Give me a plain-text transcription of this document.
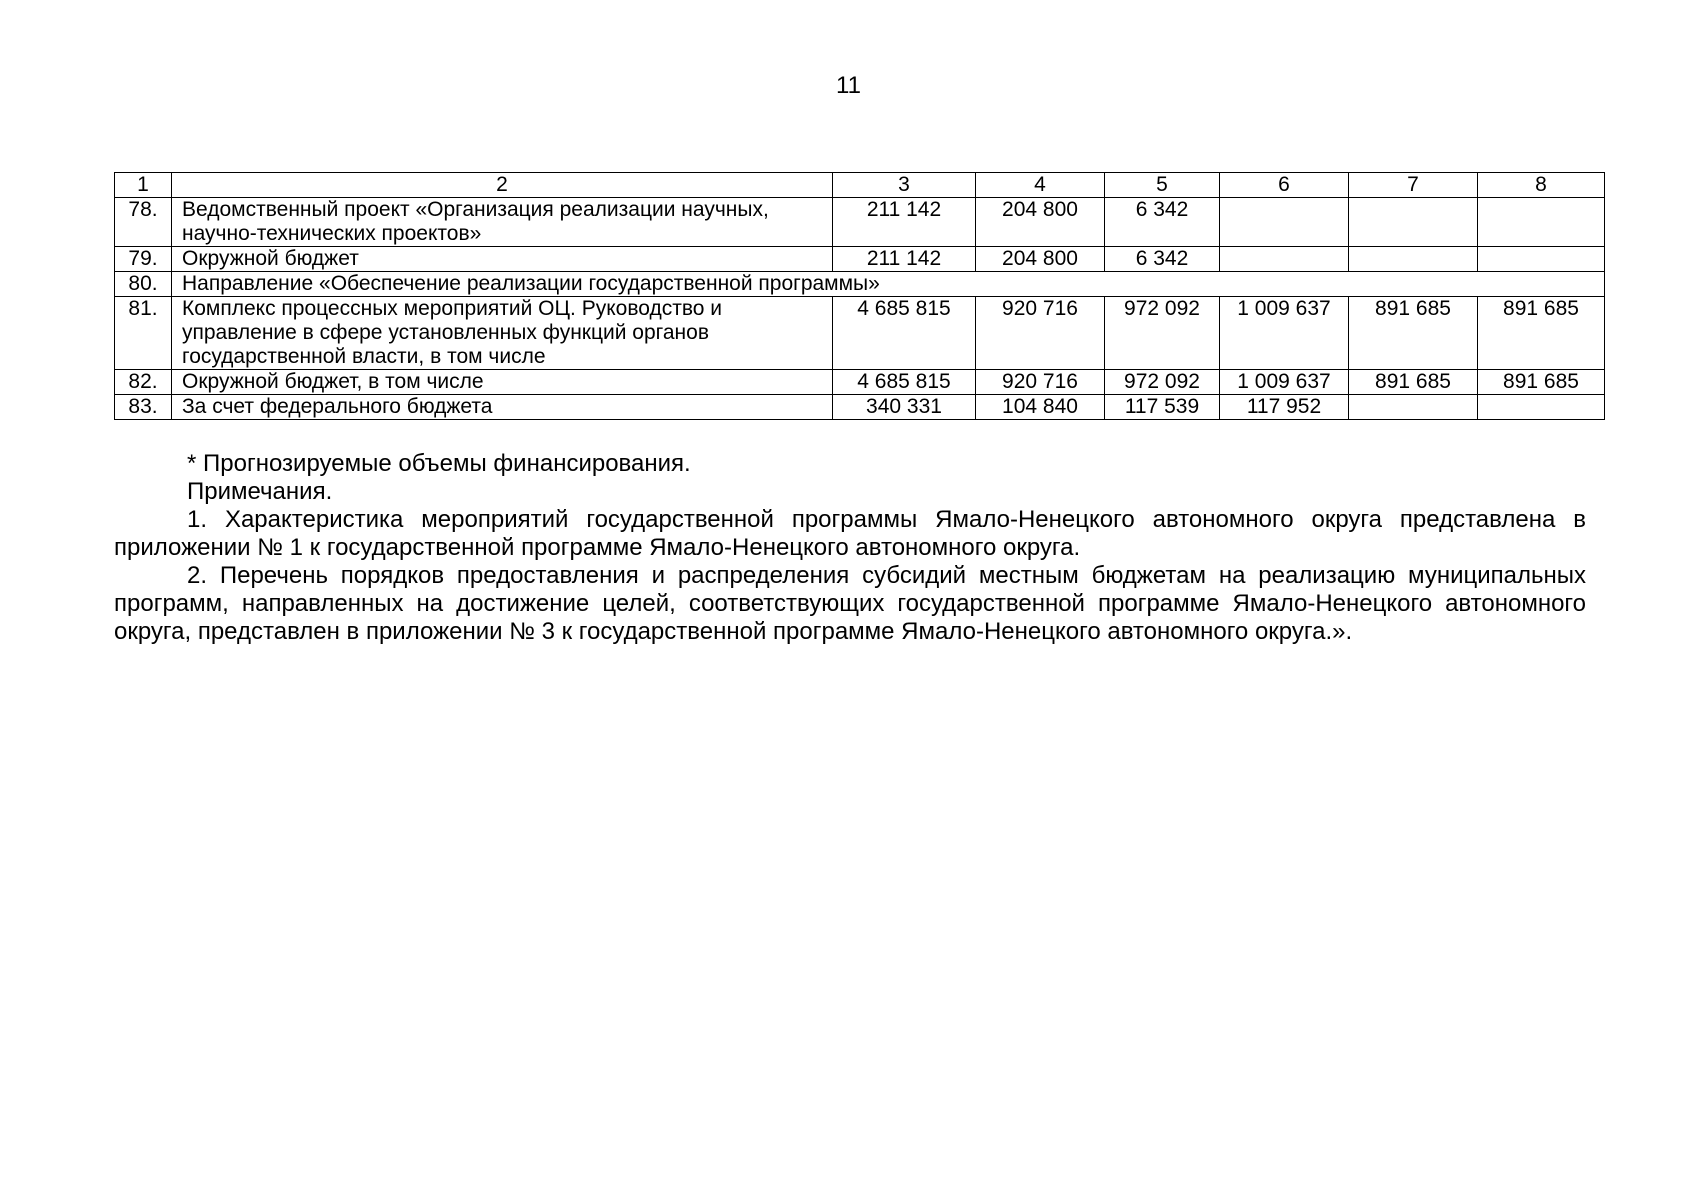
11
1	2	3	4	5	6	7	8
78.	Ведомственный проект «Организация реализации научных, научно-технических проектов»	211 142	204 800	6 342			
79.	Окружной бюджет	211 142	204 800	6 342			
80.	Направление «Обеспечение реализации государственной программы»						
81.	Комплекс процессных мероприятий ОЦ. Руководство и управление в сфере установленных функций органов государственной власти, в том числе	4 685 815	920 716	972 092	1 009 637	891 685	891 685
82.	Окружной бюджет, в том числе	4 685 815	920 716	972 092	1 009 637	891 685	891 685
83.	За счет федерального бюджета	340 331	104 840	117 539	117 952		

* Прогнозируемые объемы финансирования.

Примечания.

1. Характеристика мероприятий государственной программы Ямало-Ненецкого автономного округа представлена в приложении № 1 к государственной программе Ямало-Ненецкого автономного округа.

2. Перечень порядков предоставления и распределения субсидий местным бюджетам на реализацию муниципальных программ, направленных на достижение целей, соответствующих государственной программе Ямало-Ненецкого автономного округа, представлен в приложении № 3 к государственной программе Ямало-Ненецкого автономного округа.».
